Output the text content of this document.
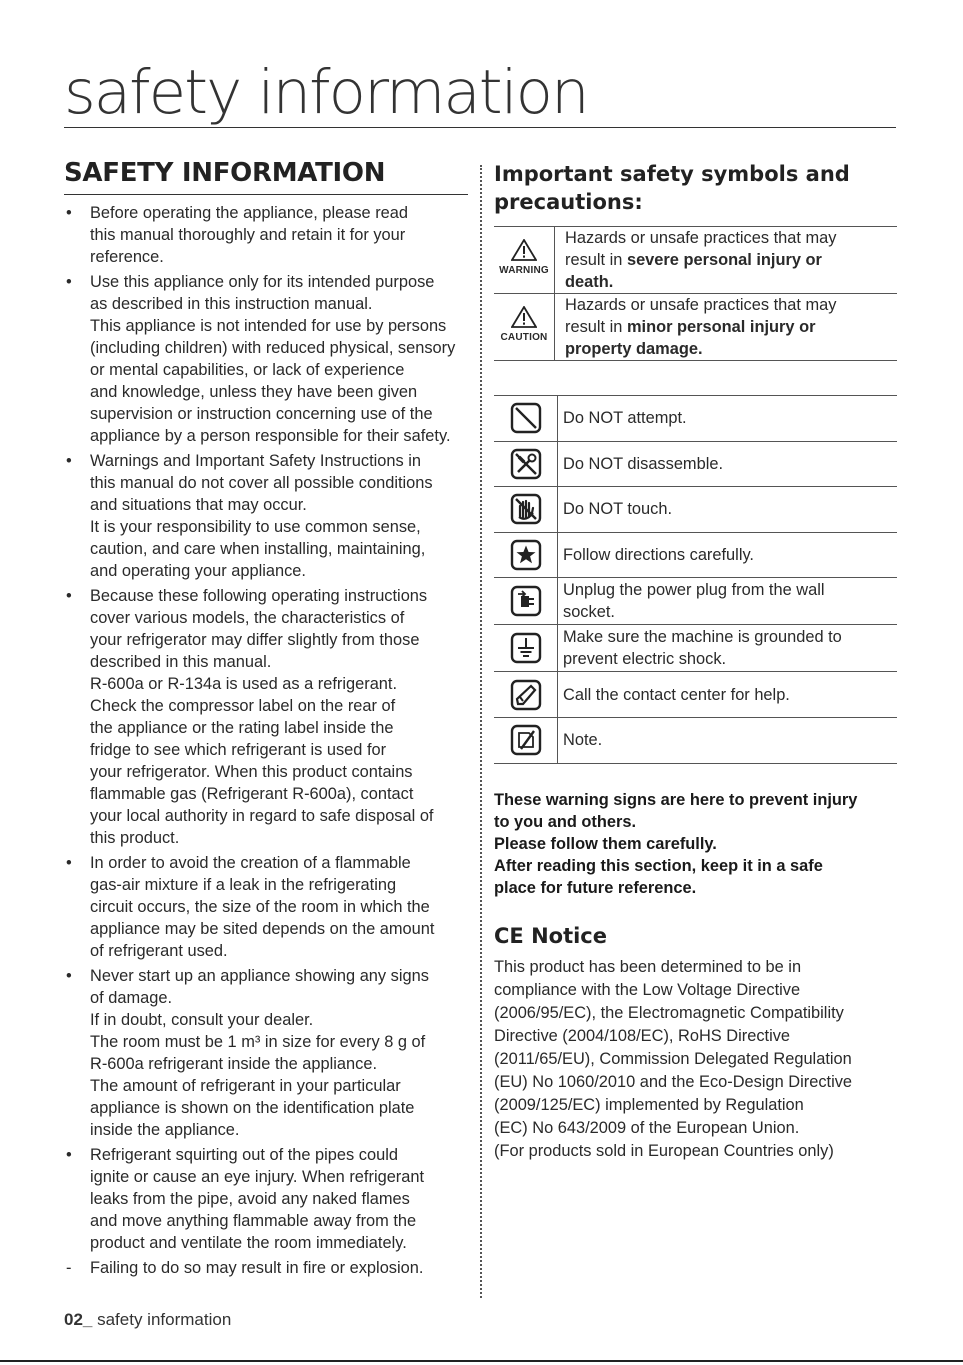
safety information
SAFETY INFORMATION
• Before operating the appliance, please read
this manual thoroughly and retain it for your
reference.
• Use this appliance only for its intended purpose
as described in this instruction manual.
This appliance is not intended for use by persons
(including children) with reduced physical, sensory
or mental capabilities, or lack of experience
and knowledge, unless they have been given
supervision or instruction concerning use of the
appliance by a person responsible for their safety.
• Warnings and Important Safety Instructions in
this manual do not cover all possible conditions
and situations that may occur.
It is your responsibility to use common sense,
caution, and care when installing, maintaining,
and operating your appliance.
• Because these following operating instructions
cover various models, the characteristics of
your refrigerator may differ slightly from those
described in this manual.
R-600a or R-134a is used as a refrigerant.
Check the compressor label on the rear of
the appliance or the rating label inside the
fridge to see which refrigerant is used for
your refrigerator. When this product contains
flammable gas (Refrigerant R-600a), contact
your local authority in regard to safe disposal of
this product.
• In order to avoid the creation of a flammable
gas-air mixture if a leak in the refrigerating
circuit occurs, the size of the room in which the
appliance may be sited depends on the amount
of refrigerant used.
• Never start up an appliance showing any signs
of damage.
If in doubt, consult your dealer.
The room must be 1 m³ in size for every 8 g of
R-600a refrigerant inside the appliance.
The amount of refrigerant in your particular
appliance is shown on the identification plate
inside the appliance.
• Refrigerant squirting out of the pipes could
ignite or cause an eye injury. When refrigerant
leaks from the pipe, avoid any naked flames
and move anything flammable away from the
product and ventilate the room immediately.
- Failing to do so may result in fire or explosion.
Important safety symbols and
precautions:
WARNING	Hazards or unsafe practices that may
result in severe personal injury or
death.

CAUTION	Hazards or unsafe practices that may
result in minor personal injury or
property damage.
	Do NOT attempt.

	Do NOT disassemble.

	Do NOT touch.

	Follow directions carefully.

	Unplug the power plug from the wall
socket.

	Make sure the machine is grounded to
prevent electric shock.

	Call the contact center for help.

	Note.
These warning signs are here to prevent injury
to you and others.
Please follow them carefully.
After reading this section, keep it in a safe
place for future reference.
CE Notice
This product has been determined to be in
compliance with the Low Voltage Directive
(2006/95/EC), the Electromagnetic Compatibility
Directive (2004/108/EC), RoHS Directive
(2011/65/EU), Commission Delegated Regulation
(EU) No 1060/2010 and the Eco-Design Directive
(2009/125/EC) implemented by Regulation
(EC) No 643/2009 of the European Union.
(For products sold in European Countries only)
02_ safety information
